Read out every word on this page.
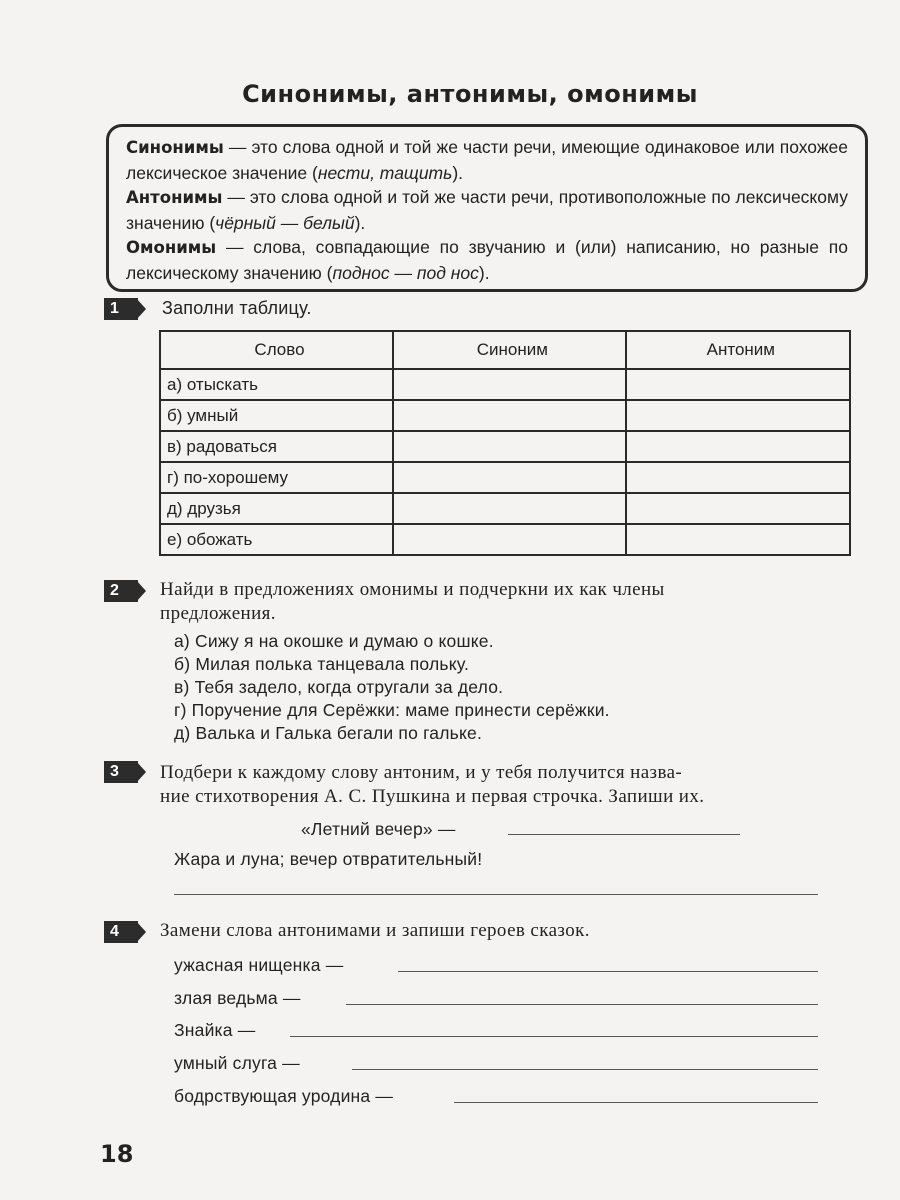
Синонимы, антонимы, омонимы

Синонимы — это слова одной и той же части речи, имеющие одинаковое или похожее лексическое значение (нести, тащить).

Антонимы — это слова одной и той же части речи, противоположные по лексическому значению (чёрный — белый).

Омонимы — слова, совпадающие по звучанию и (или) написанию, но разные по лексическому значению (поднос — под нос).

1	Заполни таблицу.
Слово	Синоним	Антоним
а) отыскать		
б) умный		
в) радоваться		
г) по-хорошему		
д) друзья		
е) обожать		
2	Найди в предложениях омонимы и подчеркни их как члены
предложения.
а) Сижу я на окошке и думаю о кошке.
б) Милая полька танцевала польку.
в) Тебя задело, когда отругали за дело.
г) Поручение для Серёжки: маме принести серёжки.
д) Валька и Галька бегали по гальке.
3	Подбери к каждому слову антоним, и у тебя получится назва-
ние стихотворения А. С. Пушкина и первая строчка. Запиши их.
«Летний вечер» —
Жара и луна; вечер отвратительный!
4	Замени слова антонимами и запиши героев сказок.
ужасная нищенка —
злая ведьма —
Знайка —
умный слуга —
бодрствующая уродина —
18
